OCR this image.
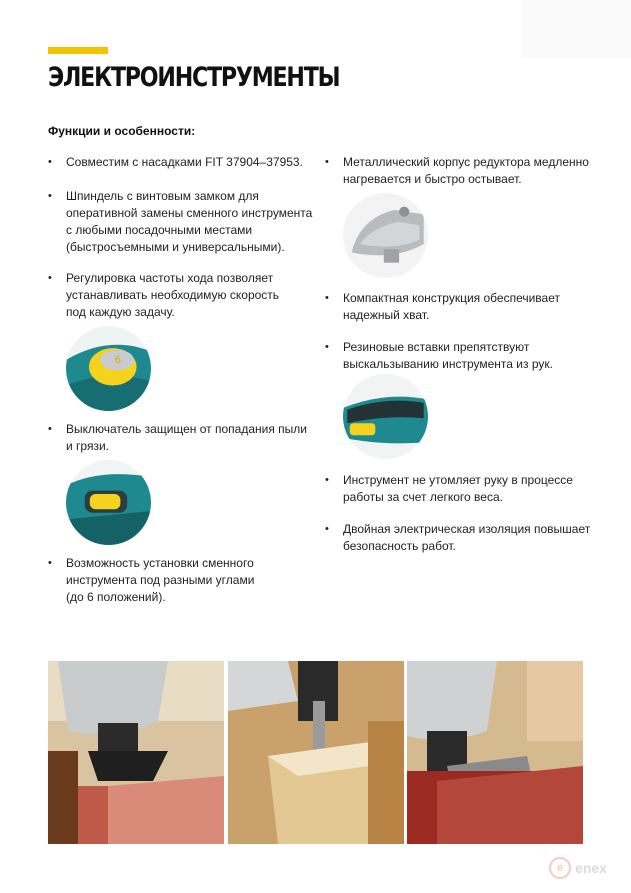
ЭЛЕКТРОИНСТРУМЕНТЫ
Функции и особенности:
• Совместим с насадками FIT 37904–37953.
• Шпиндель с винтовым замком для
оперативной замены сменного инструмента
с любыми посадочными местами
(быстросъемными и универсальными).
• Регулировка частоты хода позволяет
устанавливать необходимую скорость
под каждую задачу.
6
• Выключатель защищен от попадания пыли
и грязи.
• Возможность установки сменного
инструмента под разными углами
(до 6 положений).
• Металлический корпус редуктора медленно
нагревается и быстро остывает.
• Компактная конструкция обеспечивает
надежный хват.
• Резиновые вставки препятствуют
выскальзыванию инструмента из рук.
• Инструмент не утомляет руку в процессе
работы за счет легкого веса.
• Двойная электрическая изоляция повышает
безопасность работ.
e enex
